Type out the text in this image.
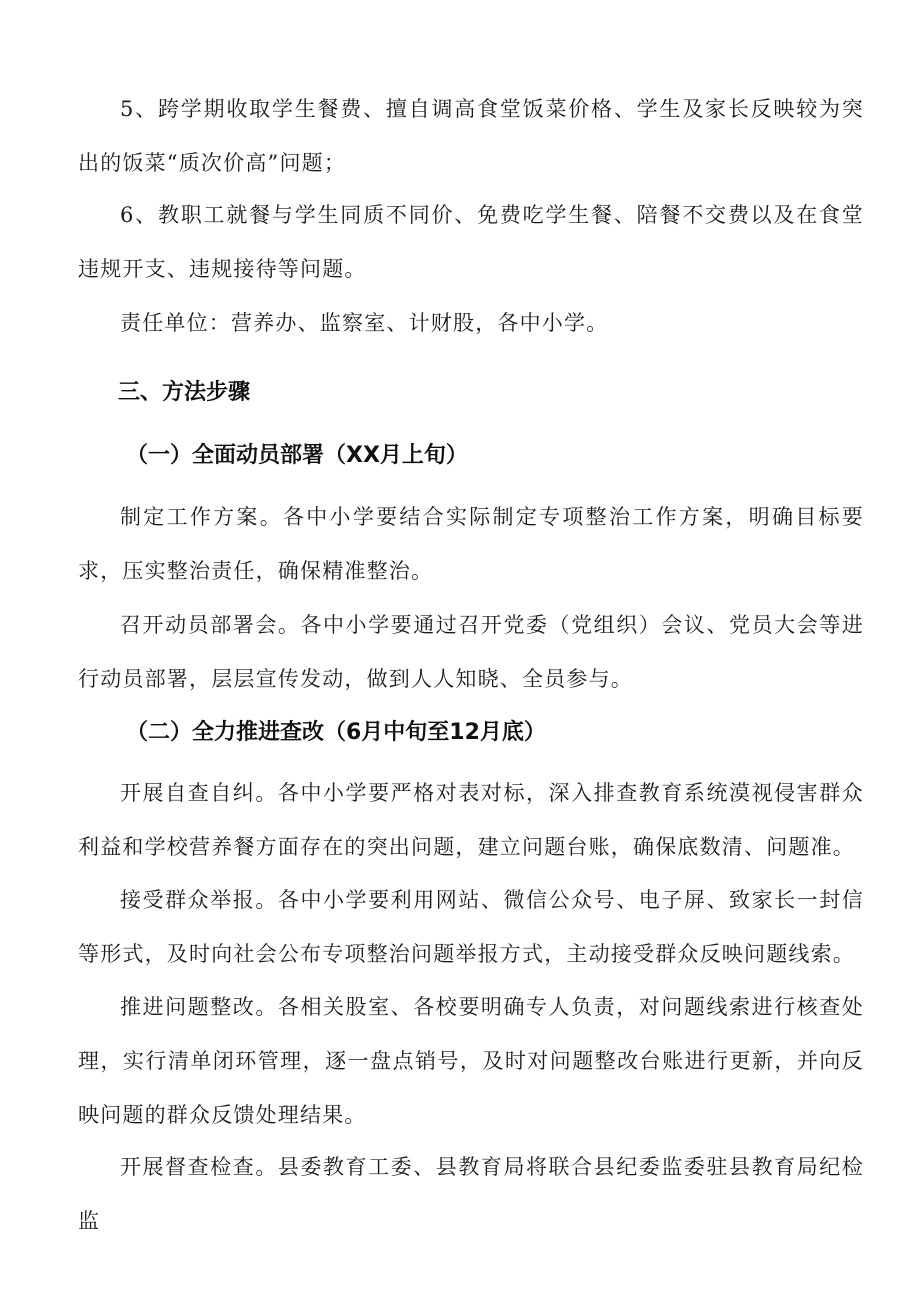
5、跨学期收取学生餐费、擅自调高食堂饭菜价格、学生及家长反映较为突出的饭菜“质次价高”问题；

6、教职工就餐与学生同质不同价、免费吃学生餐、陪餐不交费以及在食堂违规开支、违规接待等问题。

责任单位：营养办、监察室、计财股，各中小学。

三、方法步骤
（一）全面动员部署（XX月上旬）

制定工作方案。各中小学要结合实际制定专项整治工作方案，明确目标要求，压实整治责任，确保精准整治。

召开动员部署会。各中小学要通过召开党委（党组织）会议、党员大会等进行动员部署，层层宣传发动，做到人人知晓、全员参与。

（二）全力推进查改（6月中旬至12月底）

开展自查自纠。各中小学要严格对表对标，深入排查教育系统漠视侵害群众利益和学校营养餐方面存在的突出问题，建立问题台账，确保底数清、问题准。

接受群众举报。各中小学要利用网站、微信公众号、电子屏、致家长一封信等形式，及时向社会公布专项整治问题举报方式，主动接受群众反映问题线索。

推进问题整改。各相关股室、各校要明确专人负责，对问题线索进行核查处理，实行清单闭环管理，逐一盘点销号，及时对问题整改台账进行更新，并向反映问题的群众反馈处理结果。

开展督查检查。县委教育工委、县教育局将联合县纪委监委驻县教育局纪检监
